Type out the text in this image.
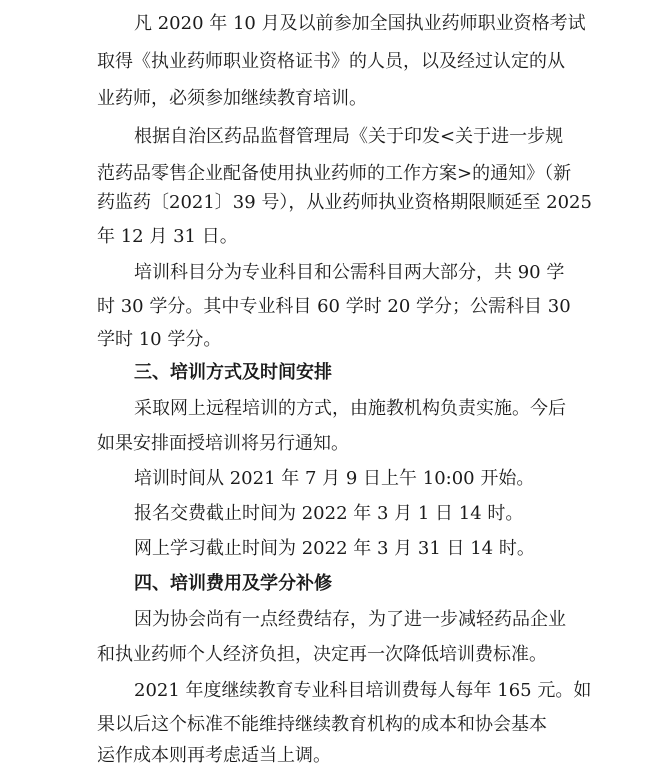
凡 2020 年 10 月及以前参加全国执业药师职业资格考试
取得《执业药师职业资格证书》的人员，以及经过认定的从
业药师，必须参加继续教育培训。
根据自治区药品监督管理局《关于印发<关于进一步规
范药品零售企业配备使用执业药师的工作方案>的通知》（新
药监药〔2021〕39 号），从业药师执业资格期限顺延至 2025
年 12 月 31 日。
培训科目分为专业科目和公需科目两大部分，共 90 学
时 30 学分。其中专业科目 60 学时 20 学分；公需科目 30
学时 10 学分。
三、培训方式及时间安排
采取网上远程培训的方式，由施教机构负责实施。今后
如果安排面授培训将另行通知。
培训时间从 2021 年 7 月 9 日上午 10:00 开始。
报名交费截止时间为 2022 年 3 月 1 日 14 时。
网上学习截止时间为 2022 年 3 月 31 日 14 时。
四、培训费用及学分补修
因为协会尚有一点经费结存，为了进一步减轻药品企业
和执业药师个人经济负担，决定再一次降低培训费标准。
2021 年度继续教育专业科目培训费每人每年 165 元。如
果以后这个标准不能维持继续教育机构的成本和协会基本
运作成本则再考虑适当上调。
